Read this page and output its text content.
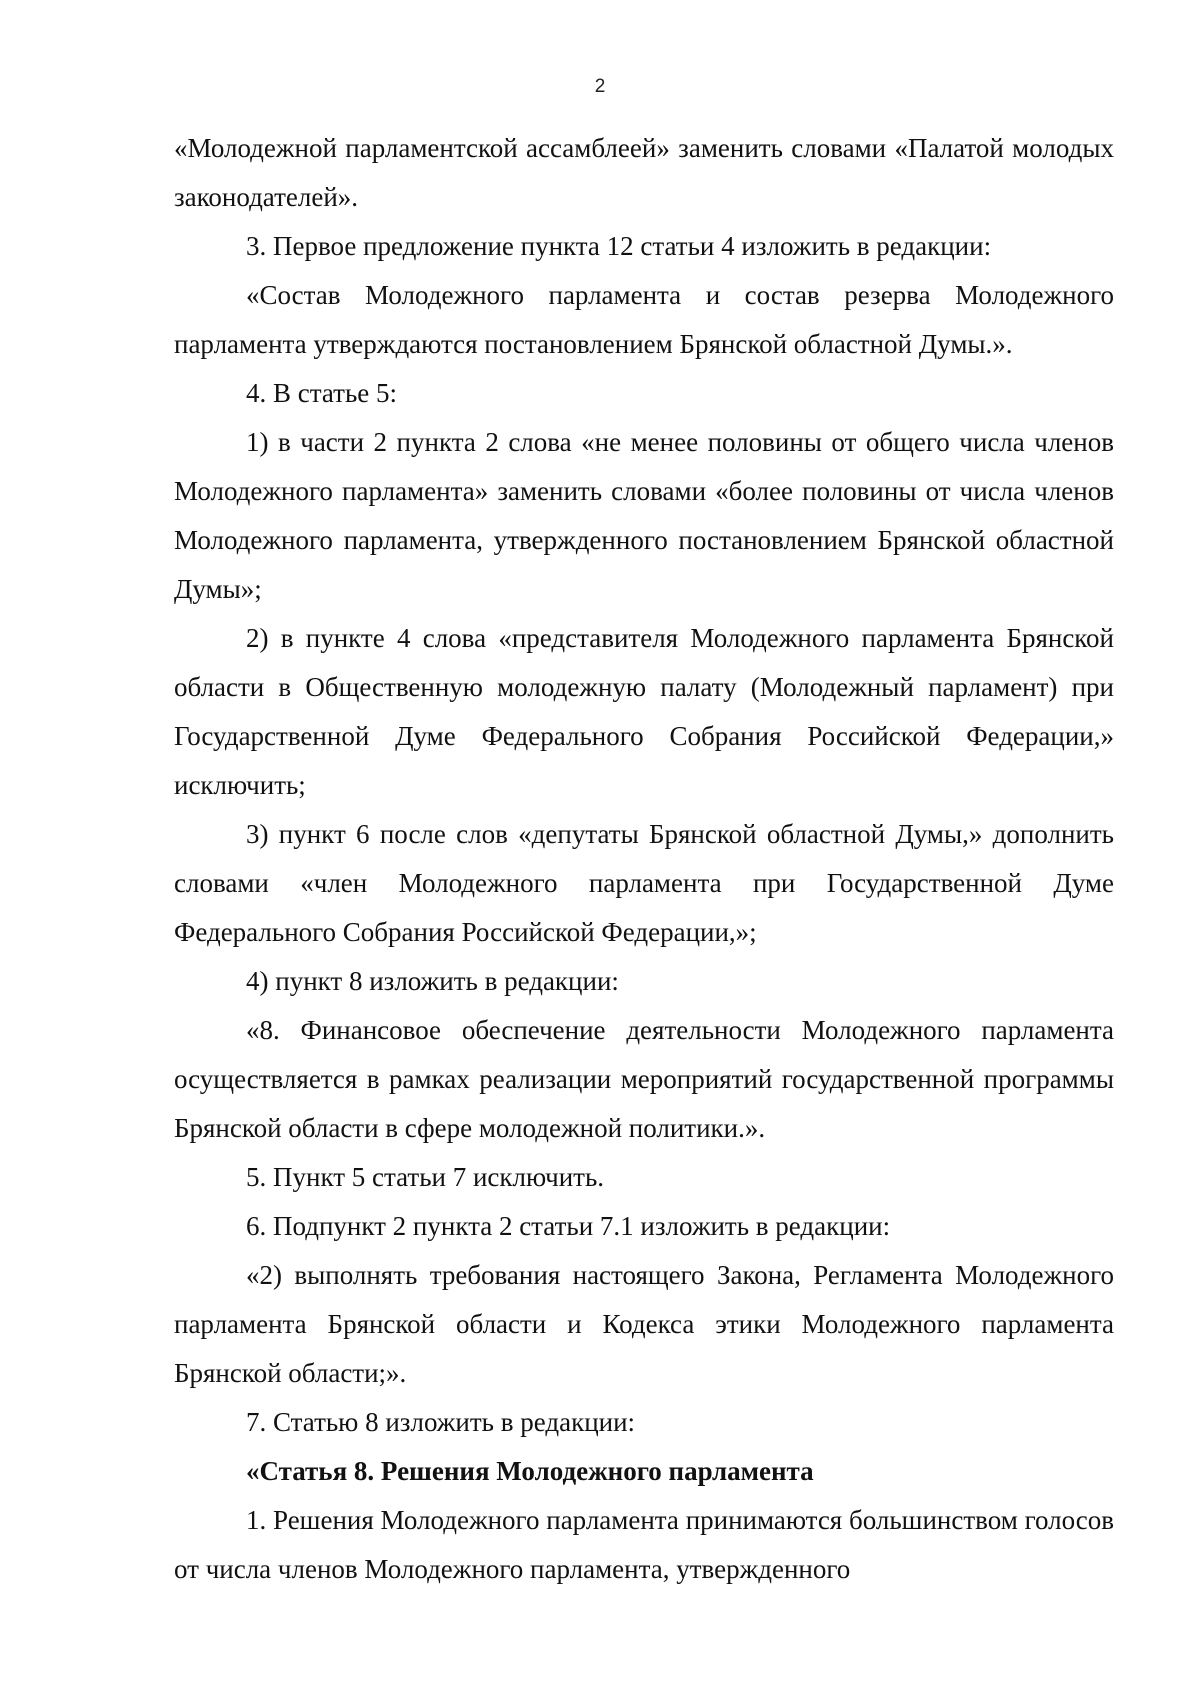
2

«Молодежной парламентской ассамблеей» заменить словами «Палатой молодых законодателей».

3. Первое предложение пункта 12 статьи 4 изложить в редакции:

«Состав Молодежного парламента и состав резерва Молодежного парламента утверждаются постановлением Брянской областной Думы.».

4. В статье 5:

1) в части 2 пункта 2 слова «не менее половины от общего числа членов Молодежного парламента» заменить словами «более половины от числа членов Молодежного парламента, утвержденного постановлением Брянской областной Думы»;

2) в пункте 4 слова «представителя Молодежного парламента Брянской области в Общественную молодежную палату (Молодежный парламент) при Государственной Думе Федерального Собрания Российской Федерации,» исключить;

3) пункт 6 после слов «депутаты Брянской областной Думы,» дополнить словами «член Молодежного парламента при Государственной Думе Федерального Собрания Российской Федерации,»;

4) пункт 8 изложить в редакции:

«8. Финансовое обеспечение деятельности Молодежного парламента осуществляется в рамках реализации мероприятий государственной программы Брянской области в сфере молодежной политики.».

5. Пункт 5 статьи 7 исключить.

6. Подпункт 2 пункта 2 статьи 7.1 изложить в редакции:

«2) выполнять требования настоящего Закона, Регламента Молодежного парламента Брянской области и Кодекса этики Молодежного парламента Брянской области;».

7. Статью 8 изложить в редакции:

«Статья 8. Решения Молодежного парламента

1. Решения Молодежного парламента принимаются большинством голосов от числа членов Молодежного парламента, утвержденного
